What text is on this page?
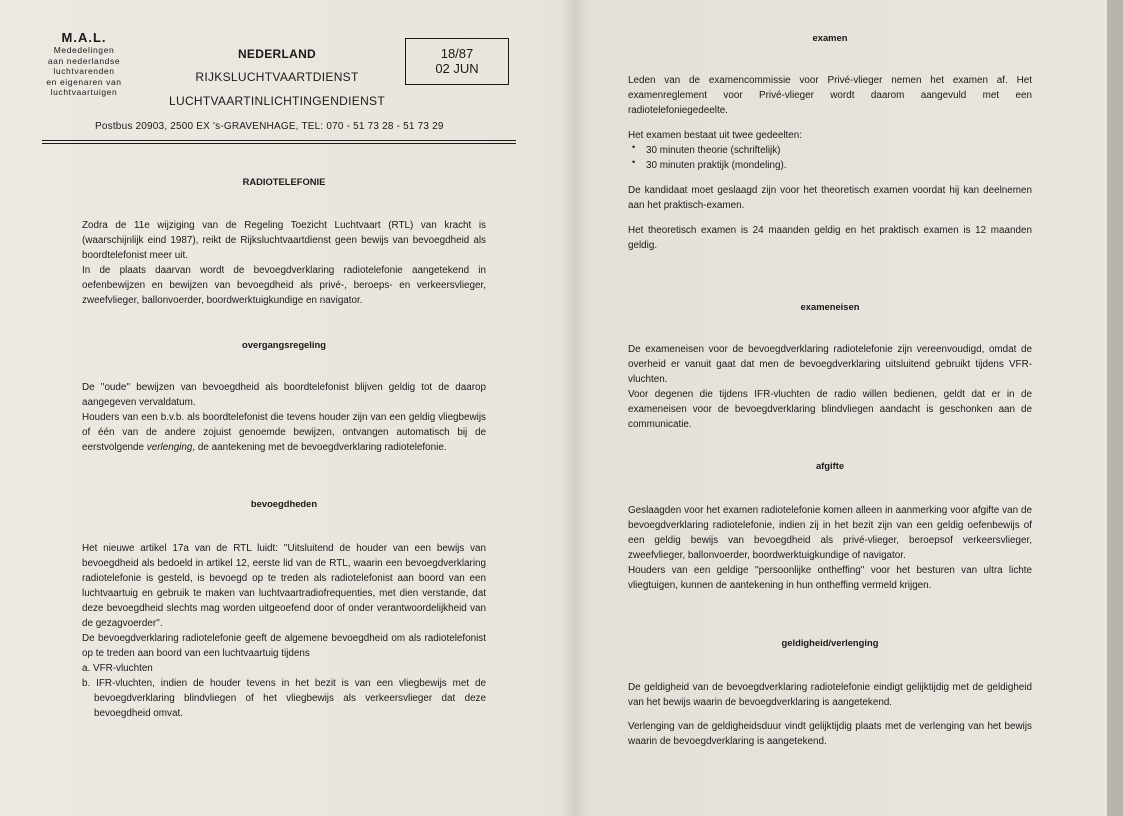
M.A.L.
Mededelingen
aan nederlandse
luchtvarenden
en eigenaren van
luchtvaartuigen
NEDERLAND
RIJKSLUCHTVAARTDIENST
LUCHTVAARTINLICHTINGENDIENST
18/87
02 JUN
Postbus 20903, 2500 EX 's-GRAVENHAGE, TEL: 070 - 51 73 28 - 51 73 29
RADIOTELEFONIE

Zodra de 11e wijziging van de Regeling Toezicht Luchtvaart (RTL) van kracht is (waarschijnlijk eind 1987), reikt de Rijksluchtvaartdienst geen bewijs van bevoegdheid als boordtelefonist meer uit.

In de plaats daarvan wordt de bevoegdverklaring radiotelefonie aangetekend in oefenbewijzen en bewijzen van bevoegdheid als privé-, beroeps- en verkeersvlieger, zweefvlieger, ballonvoerder, boordwerktuigkundige en navigator.

overgangsregeling

De ''oude'' bewijzen van bevoegdheid als boordtelefonist blijven geldig tot de daarop aangegeven vervaldatum.

Houders van een b.v.b. als boordtelefonist die tevens houder zijn van een geldig vliegbewijs of één van de andere zojuist genoemde bewijzen, ontvangen automatisch bij de eerstvolgende verlenging, de aantekening met de bevoegdverklaring radiotelefonie.

bevoegdheden

Het nieuwe artikel 17a van de RTL luidt: ''Uitsluitend de houder van een bewijs van bevoegdheid als bedoeld in artikel 12, eerste lid van de RTL, waarin een bevoegdverklaring radiotelefonie is gesteld, is bevoegd op te treden als radiotelefonist aan boord van een luchtvaartuig en gebruik te maken van luchtvaartradiofrequenties, met dien verstande, dat deze bevoegdheid slechts mag worden uitgeoefend door of onder verantwoordelijkheid van de gezagvoerder''.

De bevoegdverklaring radiotelefonie geeft de algemene bevoegdheid om als radiotelefonist op te treden aan boord van een luchtvaartuig tijdens

a. VFR-vluchten

b. IFR-vluchten, indien de houder tevens in het bezit is van een vliegbewijs met de bevoegdverklaring blindvliegen of het vliegbewijs als verkeersvlieger dat deze bevoegdheid omvat.

examen

Leden van de examencommissie voor Privé-vlieger nemen het examen af. Het examenreglement voor Privé-vlieger wordt daarom aangevuld met een radiotelefoniegedeelte.

Het examen bestaat uit twee gedeelten:

• 30 minuten theorie (schriftelijk)

• 30 minuten praktijk (mondeling).

De kandidaat moet geslaagd zijn voor het theoretisch examen voordat hij kan deelnemen aan het praktisch-examen.

Het theoretisch examen is 24 maanden geldig en het praktisch examen is 12 maanden geldig.

exameneisen

De exameneisen voor de bevoegdverklaring radiotelefonie zijn vereenvoudigd, omdat de overheid er vanuit gaat dat men de bevoegdverklaring uitsluitend gebruikt tijdens VFR-vluchten.

Voor degenen die tijdens IFR-vluchten de radio willen bedienen, geldt dat er in de exameneisen voor de bevoegdverklaring blindvliegen aandacht is geschonken aan de communicatie.

afgifte

Geslaagden voor het examen radiotelefonie komen alleen in aanmerking voor afgifte van de bevoegdverklaring radiotelefonie, indien zij in het bezit zijn van een geldig oefenbewijs of een geldig bewijs van bevoegdheid als privé-vlieger, beroepsof verkeersvlieger, zweefvlieger, ballonvoerder, boordwerktuigkundige of navigator.

Houders van een geldige ''persoonlijke ontheffing'' voor het besturen van ultra lichte vliegtuigen, kunnen de aantekening in hun ontheffing vermeld krijgen.

geldigheid/verlenging

De geldigheid van de bevoegdverklaring radiotelefonie eindigt gelijktijdig met de geldigheid van het bewijs waarin de bevoegdverklaring is aangetekend.

Verlenging van de geldigheidsduur vindt gelijktijdig plaats met de verlenging van het bewijs waarin de bevoegdverklaring is aangetekend.
